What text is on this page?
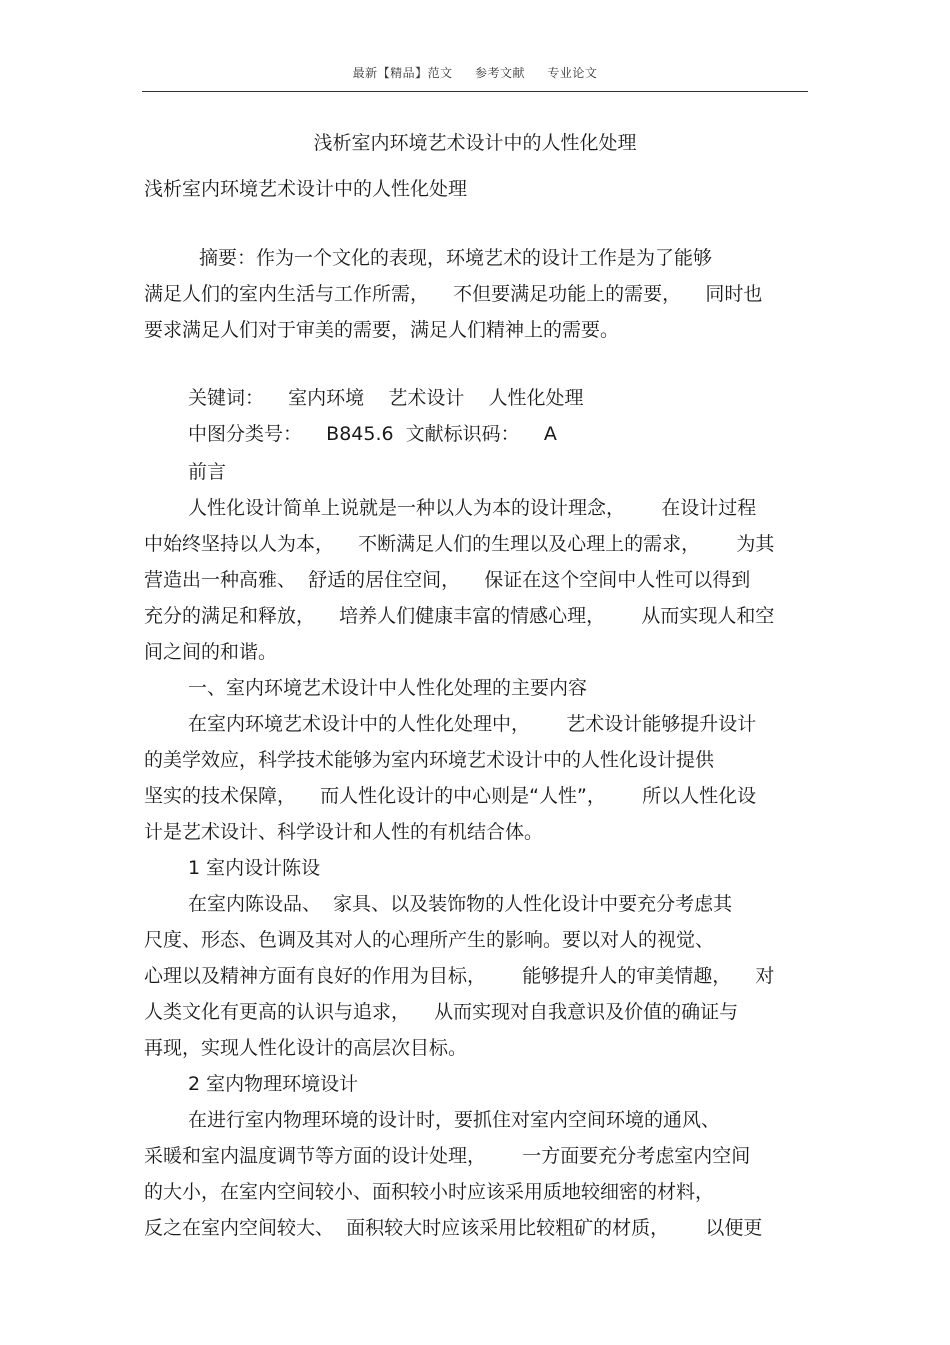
最新【精品】范文 参考文献 专业论文
浅析室内环境艺术设计中的人性化处理
浅析室内环境艺术设计中的人性化处理
摘要：作为一个文化的表现，环境艺术的设计工作是为了能够
满足人们的室内生活与工作所需，    不但要满足功能上的需要，    同时也
要求满足人们对于审美的需要，满足人们精神上的需要。
关键词：    室内环境    艺术设计    人性化处理
中图分类号：    B845.6  文献标识码：    A
前言
人性化设计简单上说就是一种以人为本的设计理念，      在设计过程
中始终坚持以人为本，    不断满足人们的生理以及心理上的需求，      为其
营造出一种高雅、  舒适的居住空间，    保证在这个空间中人性可以得到
充分的满足和释放，    培养人们健康丰富的情感心理，      从而实现人和空
间之间的和谐。
一、室内环境艺术设计中人性化处理的主要内容
在室内环境艺术设计中的人性化处理中，      艺术设计能够提升设计
的美学效应，科学技术能够为室内环境艺术设计中的人性化设计提供
坚实的技术保障，    而人性化设计的中心则是“人性”，      所以人性化设
计是艺术设计、科学设计和人性的有机结合体。
1 室内设计陈设
在室内陈设品、  家具、以及装饰物的人性化设计中要充分考虑其
尺度、形态、色调及其对人的心理所产生的影响。要以对人的视觉、
心理以及精神方面有良好的作用为目标，      能够提升人的审美情趣，    对
人类文化有更高的认识与追求，    从而实现对自我意识及价值的确证与
再现，实现人性化设计的高层次目标。
2 室内物理环境设计
在进行室内物理环境的设计时，要抓住对室内空间环境的通风、
采暖和室内温度调节等方面的设计处理，      一方面要充分考虑室内空间
的大小，在室内空间较小、面积较小时应该采用质地较细密的材料，
反之在室内空间较大、  面积较大时应该采用比较粗矿的材质，      以便更
